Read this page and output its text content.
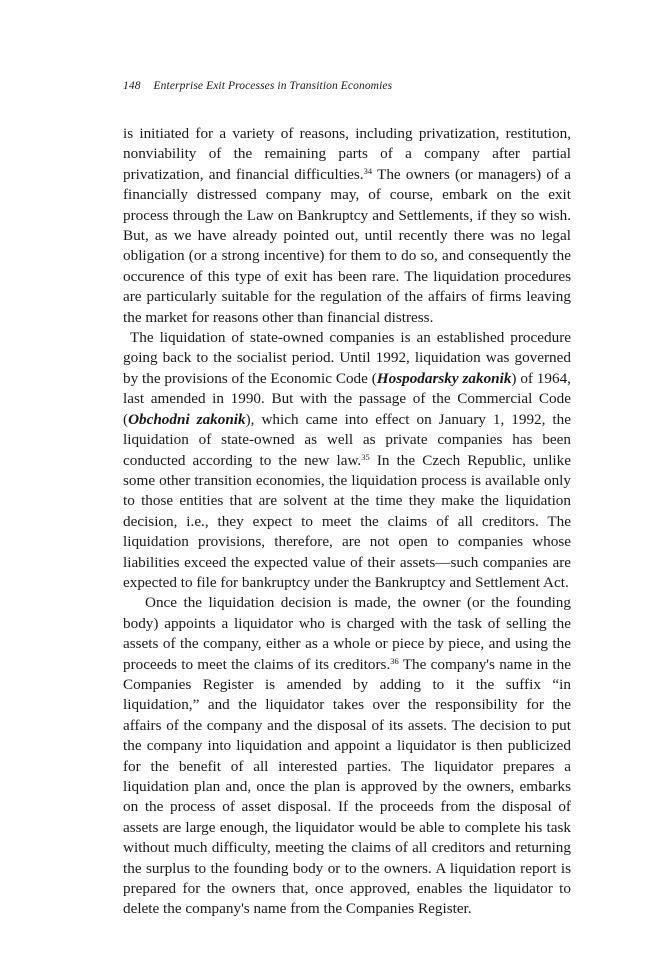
148 Enterprise Exit Processes in Transition Economies

is initiated for a variety of reasons, including privatization, restitution, nonviability of the remaining parts of a company after partial privatization, and financial difficulties.$^{34}$ The owners (or managers) of a financially distressed company may, of course, embark on the exit process through the Law on Bankruptcy and Settlements, if they so wish. But, as we have already pointed out, until recently there was no legal obligation (or a strong incentive) for them to do so, and consequently the occurence of this type of exit has been rare. The liquidation procedures are particularly suitable for the regulation of the affairs of firms leaving the market for reasons other than financial distress.

The liquidation of state-owned companies is an established procedure going back to the socialist period. Until 1992, liquidation was governed by the provisions of the Economic Code (Hospodarsky zakonik) of 1964, last amended in 1990. But with the passage of the Commercial Code (Obchodni zakonik), which came into effect on January 1, 1992, the liquidation of state-owned as well as private companies has been conducted according to the new law.$^{35}$ In the Czech Republic, unlike some other transition economies, the liquidation process is available only to those entities that are solvent at the time they make the liquidation decision, i.e., they expect to meet the claims of all creditors. The liquidation provisions, therefore, are not open to companies whose liabilities exceed the expected value of their assets—such companies are expected to file for bankruptcy under the Bankruptcy and Settlement Act.

Once the liquidation decision is made, the owner (or the founding body) appoints a liquidator who is charged with the task of selling the assets of the company, either as a whole or piece by piece, and using the proceeds to meet the claims of its creditors.$^{36}$ The company's name in the Companies Register is amended by adding to it the suffix “in liquidation,” and the liquidator takes over the responsibility for the affairs of the company and the disposal of its assets. The decision to put the company into liquidation and appoint a liquidator is then publicized for the benefit of all interested parties. The liquidator prepares a liquidation plan and, once the plan is approved by the owners, embarks on the process of asset disposal. If the proceeds from the disposal of assets are large enough, the liquidator would be able to complete his task without much difficulty, meeting the claims of all creditors and returning the surplus to the founding body or to the owners. A liquidation report is prepared for the owners that, once approved, enables the liquidator to delete the company's name from the Companies Register.
